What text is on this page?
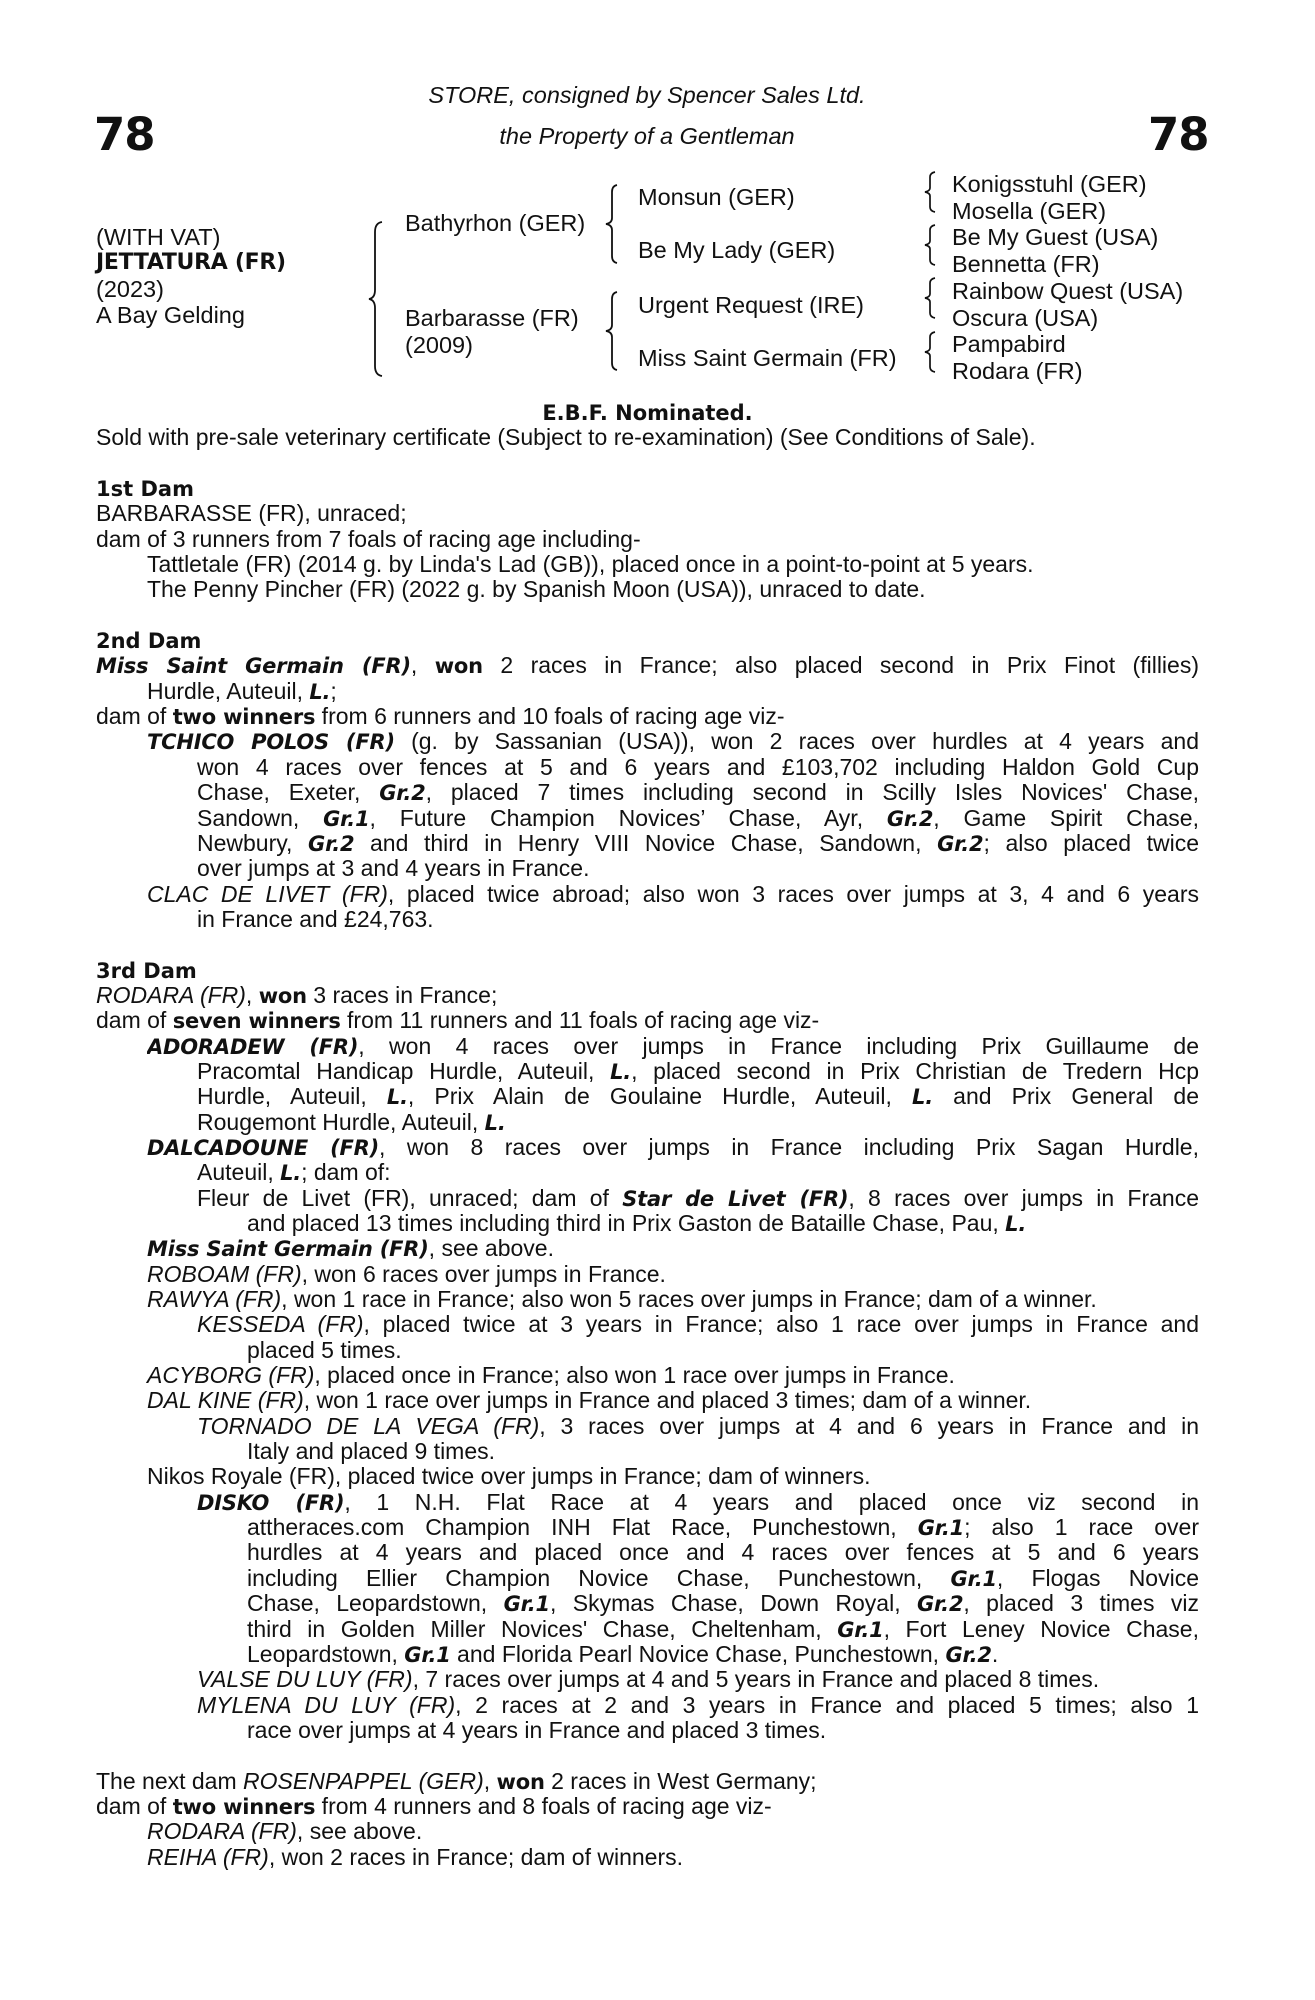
78	78
STORE, consigned by Spencer Sales Ltd.
the Property of a Gentleman
(WITH VAT)
JETTATURA (FR)
(2023)
A Bay Gelding
Bathyrhon (GER)
Barbarasse (FR)
(2009)
Monsun (GER)
Be My Lady (GER)
Urgent Request (IRE)
Miss Saint Germain (FR)
Konigsstuhl (GER)
Mosella (GER)
Be My Guest (USA)
Bennetta (FR)
Rainbow Quest (USA)
Oscura (USA)
Pampabird
Rodara (FR)
E.B.F. Nominated.
Sold with pre-sale veterinary certificate (Subject to re-examination) (See Conditions of Sale).
1st Dam
BARBARASSE (FR), unraced;
dam of 3 runners from 7 foals of racing age including-
Tattletale (FR) (2014 g. by Linda's Lad (GB)), placed once in a point-to-point at 5 years.
The Penny Pincher (FR) (2022 g. by Spanish Moon (USA)), unraced to date.
2nd Dam
Miss Saint Germain (FR), won 2 races in France; also placed second in Prix Finot (fillies)
Hurdle, Auteuil, L.;
dam of two winners from 6 runners and 10 foals of racing age viz-
TCHICO POLOS (FR) (g. by Sassanian (USA)), won 2 races over hurdles at 4 years and
won 4 races over fences at 5 and 6 years and £103,702 including Haldon Gold Cup
Chase, Exeter, Gr.2, placed 7 times including second in Scilly Isles Novices' Chase,
Sandown, Gr.1, Future Champion Novices’ Chase, Ayr, Gr.2, Game Spirit Chase,
Newbury, Gr.2 and third in Henry VIII Novice Chase, Sandown, Gr.2; also placed twice
over jumps at 3 and 4 years in France.
CLAC DE LIVET (FR), placed twice abroad; also won 3 races over jumps at 3, 4 and 6 years
in France and £24,763.
3rd Dam
RODARA (FR), won 3 races in France;
dam of seven winners from 11 runners and 11 foals of racing age viz-
ADORADEW (FR), won 4 races over jumps in France including Prix Guillaume de
Pracomtal Handicap Hurdle, Auteuil, L., placed second in Prix Christian de Tredern Hcp
Hurdle, Auteuil, L., Prix Alain de Goulaine Hurdle, Auteuil, L. and Prix General de
Rougemont Hurdle, Auteuil, L.
DALCADOUNE (FR), won 8 races over jumps in France including Prix Sagan Hurdle,
Auteuil, L.; dam of:
Fleur de Livet (FR), unraced; dam of Star de Livet (FR), 8 races over jumps in France
and placed 13 times including third in Prix Gaston de Bataille Chase, Pau, L.
Miss Saint Germain (FR), see above.
ROBOAM (FR), won 6 races over jumps in France.
RAWYA (FR), won 1 race in France; also won 5 races over jumps in France; dam of a winner.
KESSEDA (FR), placed twice at 3 years in France; also 1 race over jumps in France and
placed 5 times.
ACYBORG (FR), placed once in France; also won 1 race over jumps in France.
DAL KINE (FR), won 1 race over jumps in France and placed 3 times; dam of a winner.
TORNADO DE LA VEGA (FR), 3 races over jumps at 4 and 6 years in France and in
Italy and placed 9 times.
Nikos Royale (FR), placed twice over jumps in France; dam of winners.
DISKO (FR), 1 N.H. Flat Race at 4 years and placed once viz second in
attheraces.com Champion INH Flat Race, Punchestown, Gr.1; also 1 race over
hurdles at 4 years and placed once and 4 races over fences at 5 and 6 years
including Ellier Champion Novice Chase, Punchestown, Gr.1, Flogas Novice
Chase, Leopardstown, Gr.1, Skymas Chase, Down Royal, Gr.2, placed 3 times viz
third in Golden Miller Novices' Chase, Cheltenham, Gr.1, Fort Leney Novice Chase,
Leopardstown, Gr.1 and Florida Pearl Novice Chase, Punchestown, Gr.2.
VALSE DU LUY (FR), 7 races over jumps at 4 and 5 years in France and placed 8 times.
MYLENA DU LUY (FR), 2 races at 2 and 3 years in France and placed 5 times; also 1
race over jumps at 4 years in France and placed 3 times.
The next dam ROSENPAPPEL (GER), won 2 races in West Germany;
dam of two winners from 4 runners and 8 foals of racing age viz-
RODARA (FR), see above.
REIHA (FR), won 2 races in France; dam of winners.
